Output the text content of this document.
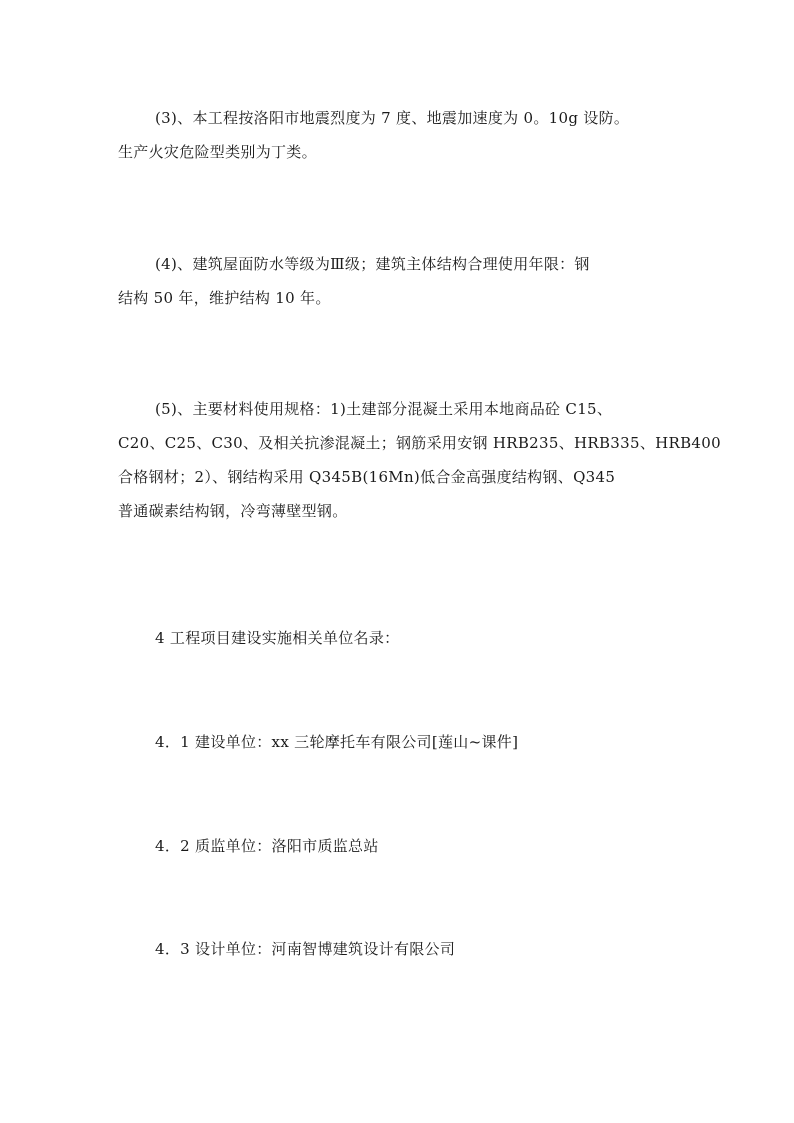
(3)、本工程按洛阳市地震烈度为 7 度、地震加速度为 0。10g 设防。
生产火灾危险型类别为丁类。
(4)、建筑屋面防水等级为Ⅲ级；建筑主体结构合理使用年限：钢
结构 50 年，维护结构 10 年。
(5)、主要材料使用规格：1)土建部分混凝土采用本地商品砼 C15、
C20、C25、C30、及相关抗渗混凝土；钢筋采用安钢 HRB235、HRB335、HRB400
合格钢材；2）、钢结构采用 Q345B(16Mn)低合金高强度结构钢、Q345
普通碳素结构钢，冷弯薄壁型钢。
4 工程项目建设实施相关单位名录：
4．1 建设单位：xx 三轮摩托车有限公司[莲山~课件]
4．2 质监单位：洛阳市质监总站
4．3 设计单位：河南智博建筑设计有限公司
